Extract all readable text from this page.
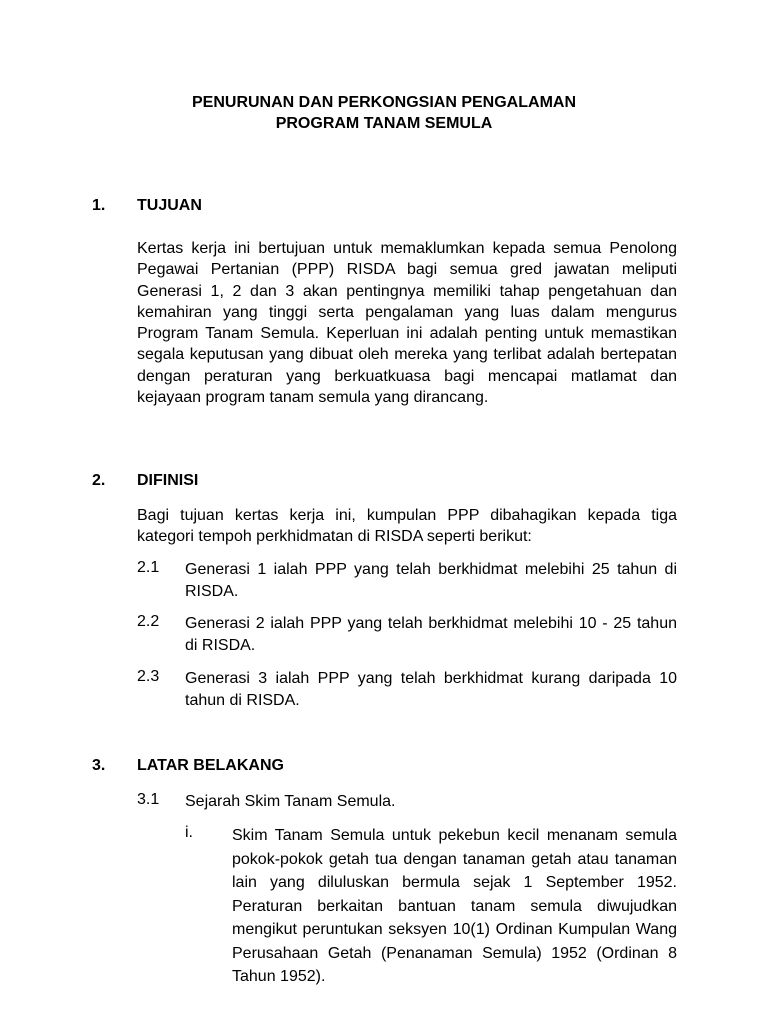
PENURUNAN DAN PERKONGSIAN PENGALAMAN
PROGRAM TANAM SEMULA
1. TUJUAN
Kertas kerja ini bertujuan untuk memaklumkan kepada semua Penolong Pegawai Pertanian (PPP) RISDA bagi semua gred jawatan meliputi Generasi 1, 2 dan 3 akan pentingnya memiliki tahap pengetahuan dan kemahiran yang tinggi serta pengalaman yang luas dalam mengurus Program Tanam Semula. Keperluan ini adalah penting untuk memastikan segala keputusan yang dibuat oleh mereka yang terlibat adalah bertepatan dengan peraturan yang berkuatkuasa bagi mencapai matlamat dan kejayaan program tanam semula yang dirancang.
2. DIFINISI
Bagi tujuan kertas kerja ini, kumpulan PPP dibahagikan kepada tiga kategori tempoh perkhidmatan di RISDA seperti berikut:
2.1 Generasi 1 ialah PPP yang telah berkhidmat melebihi 25 tahun di RISDA.
2.2 Generasi 2 ialah PPP yang telah berkhidmat melebihi 10 - 25 tahun di RISDA.
2.3 Generasi 3 ialah PPP yang telah berkhidmat kurang daripada 10 tahun di RISDA.
3. LATAR BELAKANG
3.1 Sejarah Skim Tanam Semula.
i. Skim Tanam Semula untuk pekebun kecil menanam semula pokok-pokok getah tua dengan tanaman getah atau tanaman lain yang diluluskan bermula sejak 1 September 1952. Peraturan berkaitan bantuan tanam semula diwujudkan mengikut peruntukan seksyen 10(1) Ordinan Kumpulan Wang Perusahaan Getah (Penanaman Semula) 1952 (Ordinan 8 Tahun 1952).
